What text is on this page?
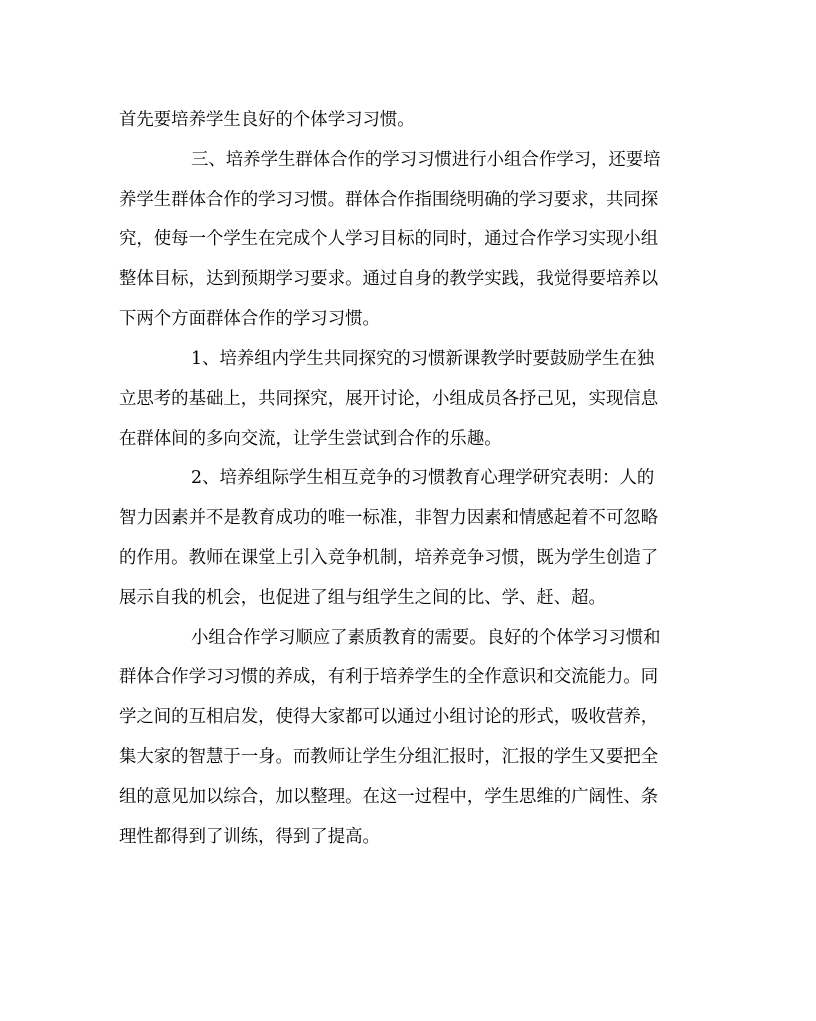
首先要培养学生良好的个体学习习惯。
三、培养学生群体合作的学习习惯进行小组合作学习，还要培
养学生群体合作的学习习惯。群体合作指围绕明确的学习要求，共同探
究，使每一个学生在完成个人学习目标的同时，通过合作学习实现小组
整体目标，达到预期学习要求。通过自身的教学实践，我觉得要培养以
下两个方面群体合作的学习习惯。
1、培养组内学生共同探究的习惯新课教学时要鼓励学生在独
立思考的基础上，共同探究，展开讨论，小组成员各抒己见，实现信息
在群体间的多向交流，让学生尝试到合作的乐趣。
2、培养组际学生相互竞争的习惯教育心理学研究表明：人的
智力因素并不是教育成功的唯一标准，非智力因素和情感起着不可忽略
的作用。教师在课堂上引入竞争机制，培养竞争习惯，既为学生创造了
展示自我的机会，也促进了组与组学生之间的比、学、赶、超。
小组合作学习顺应了素质教育的需要。良好的个体学习习惯和
群体合作学习习惯的养成，有利于培养学生的全作意识和交流能力。同
学之间的互相启发，使得大家都可以通过小组讨论的形式，吸收营养，
集大家的智慧于一身。而教师让学生分组汇报时，汇报的学生又要把全
组的意见加以综合，加以整理。在这一过程中，学生思维的广阔性、条
理性都得到了训练，得到了提高。
